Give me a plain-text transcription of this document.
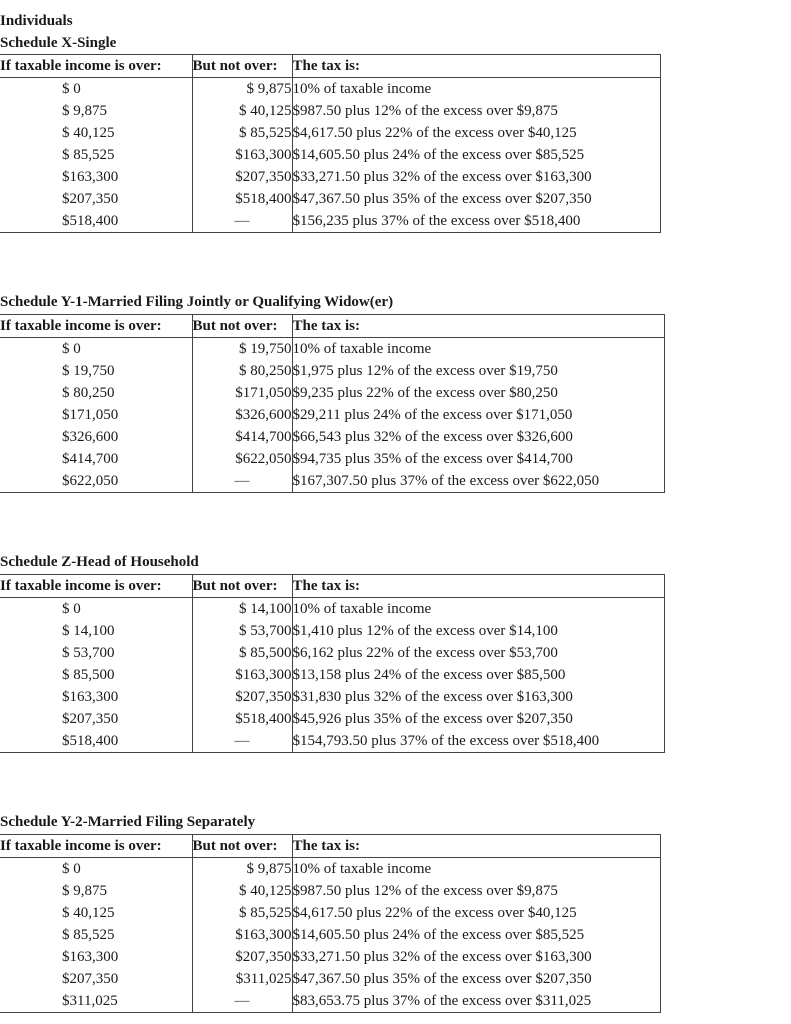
Individuals
Schedule X-Single
If taxable income is over:	But not over:	The tax is:
$ 0	$ 9,875	10% of taxable income
$ 9,875	$ 40,125	$987.50 plus 12% of the excess over $9,875
$ 40,125	$ 85,525	$4,617.50 plus 22% of the excess over $40,125
$ 85,525	$163,300	$14,605.50 plus 24% of the excess over $85,525
$163,300	$207,350	$33,271.50 plus 32% of the excess over $163,300
$207,350	$518,400	$47,367.50 plus 35% of the excess over $207,350
$518,400	—	$156,235 plus 37% of the excess over $518,400
Schedule Y-1-Married Filing Jointly or Qualifying Widow(er)
If taxable income is over:	But not over:	The tax is:
$ 0	$ 19,750	10% of taxable income
$ 19,750	$ 80,250	$1,975 plus 12% of the excess over $19,750
$ 80,250	$171,050	$9,235 plus 22% of the excess over $80,250
$171,050	$326,600	$29,211 plus 24% of the excess over $171,050
$326,600	$414,700	$66,543 plus 32% of the excess over $326,600
$414,700	$622,050	$94,735 plus 35% of the excess over $414,700
$622,050	—	$167,307.50 plus 37% of the excess over $622,050
Schedule Z-Head of Household
If taxable income is over:	But not over:	The tax is:
$ 0	$ 14,100	10% of taxable income
$ 14,100	$ 53,700	$1,410 plus 12% of the excess over $14,100
$ 53,700	$ 85,500	$6,162 plus 22% of the excess over $53,700
$ 85,500	$163,300	$13,158 plus 24% of the excess over $85,500
$163,300	$207,350	$31,830 plus 32% of the excess over $163,300
$207,350	$518,400	$45,926 plus 35% of the excess over $207,350
$518,400	—	$154,793.50 plus 37% of the excess over $518,400
Schedule Y-2-Married Filing Separately
If taxable income is over:	But not over:	The tax is:
$ 0	$ 9,875	10% of taxable income
$ 9,875	$ 40,125	$987.50 plus 12% of the excess over $9,875
$ 40,125	$ 85,525	$4,617.50 plus 22% of the excess over $40,125
$ 85,525	$163,300	$14,605.50 plus 24% of the excess over $85,525
$163,300	$207,350	$33,271.50 plus 32% of the excess over $163,300
$207,350	$311,025	$47,367.50 plus 35% of the excess over $207,350
$311,025	—	$83,653.75 plus 37% of the excess over $311,025
